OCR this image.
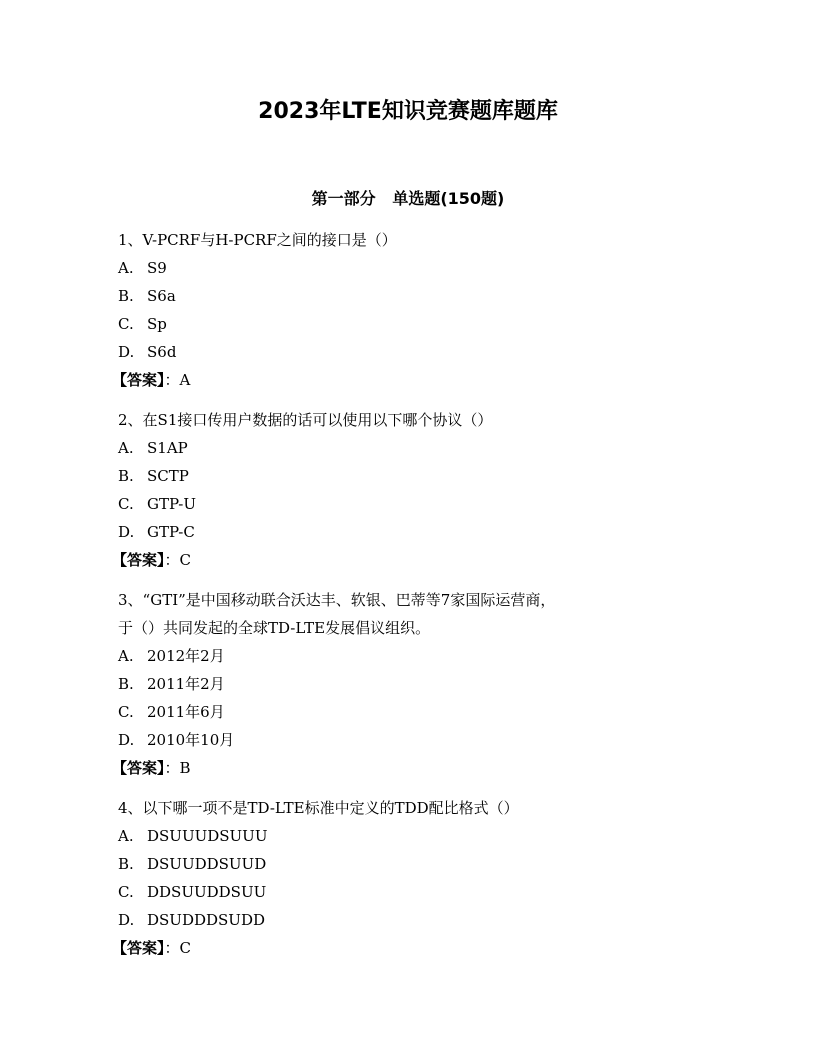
2023年LTE知识竞赛题库题库
第一部分   单选题(150题)
1、V-PCRF与H-PCRF之间的接口是（）
A. S9
B. S6a
C. Sp
D. S6d
【答案】：A
2、在S1接口传用户数据的话可以使用以下哪个协议（）
A. S1AP
B. SCTP
C. GTP-U
D. GTP-C
【答案】：C
3、“GTI”是中国移动联合沃达丰、软银、巴蒂等7家国际运营商，
于（）共同发起的全球TD-LTE发展倡议组织。
A. 2012年2月
B. 2011年2月
C. 2011年6月
D. 2010年10月
【答案】：B
4、以下哪一项不是TD-LTE标准中定义的TDD配比格式（）
A. DSUUUDSUUU
B. DSUUDDSUUD
C. DDSUUDDSUU
D. DSUDDDSUDD
【答案】：C
